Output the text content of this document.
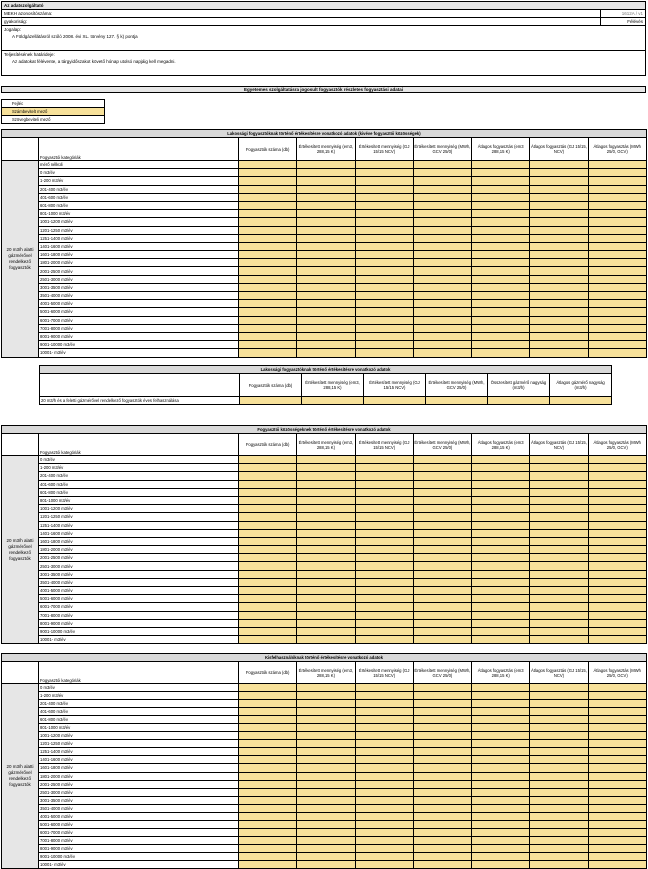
Az adatszolgáltató
MEKH azonosítószáma:	1612A / v1
gyakoriság:	Félévés
Jogalap:
A Földgázellátásról szóló 2008. évi XL. törvény 127. § k) pontja
Teljesítésének határideje:
Az adatokat félévente, a tárgyidőszakot követő hónap utolsó napjáig kell megadni.
Egyetemes szolgáltatásra jogosult fogyasztók részletes fogyasztási adatai
Fejléc
Számbevitelt mező
Szövegbeviteli mező
Lakossági fogyasztóknak történő értékesítésre vonatkozó adatok (kivéve fogyasztói közösségek)								
	Fogyasztói kategóriák	Fogyasztók száma (db)	Értékesített mennyiség (em3, 288,15 K)	Értékesített mennyiség (GJ 15/15 NCV)	Értékesített mennyiség (MWh, GCV 25/0)	Átlagos fogyasztás (em3 288,15 K)	Átlagos fogyasztás (GJ 15/15, NCV)	Átlagos fogyasztás (MWh 25/0, GCV)
20 m3/h alatti gázmérővel rendelkező fogyasztók	mérő nélküli							
	0 m3/év							
	1-200 m3/év							
	201-400 m3/év							
	401-600 m3/év							
	601-800 m3/év							
	801-1000 m3/év							
	1001-1200 m3/év							
	1201-1250 m3/év							
	1251-1400 m3/év							
	1401-1600 m3/év							
	1601-1800 m3/év							
	1801-2000 m3/év							
	2001-2500 m3/év							
	2501-3000 m3/év							
	3001-3500 m3/év							
	3501-4000 m3/év							
	4001-5000 m3/év							
	5001-6000 m3/év							
	6001-7000 m3/év							
	7001-8000 m3/év							
	8001-9000 m3/év							
	9001-10000 m3/év							
	10001- m3/év							
Lakossági fogyasztóknak történő értékesítésre vonatkozó adatok						
	Fogyasztók száma (db)	Értékesített mennyiség (em3, 288,15 K)	Értékesített mennyiség (GJ 15/15 NCV)	Értékesített mennyiség (MWh, GCV 25/0)	Összesített gázmérő nagyság (m3/h)	Átlagos gázmérő nagyság (m3/h)
20 m3/h és a feletti gázmérővel rendelkező fogyasztók éves felhasználása						
Fogyasztói közösségeknek történő értékesítésre vonatkozó adatok								
	Fogyasztói kategóriák	Fogyasztók száma (db)	Értékesített mennyiség (em3, 288,15 K)	Értékesített mennyiség (GJ 15/15 NCV)	Értékesített mennyiség (MWh, GCV 25/0)	Átlagos fogyasztás (em3 288,15 K)	Átlagos fogyasztás (GJ 15/15, NCV)	Átlagos fogyasztás (MWh 25/0, GCV)
20 m3/h alatti gázmérővel rendelkező fogyasztók	0 m3/év							
	1-200 m3/év							
	201-400 m3/év							
	401-600 m3/év							
	601-800 m3/év							
	801-1000 m3/év							
	1001-1200 m3/év							
	1201-1250 m3/év							
	1251-1400 m3/év							
	1401-1600 m3/év							
	1601-1800 m3/év							
	1801-2000 m3/év							
	2001-2500 m3/év							
	2501-3000 m3/év							
	3001-3500 m3/év							
	3501-4000 m3/év							
	4001-5000 m3/év							
	5001-6000 m3/év							
	6001-7000 m3/év							
	7001-8000 m3/év							
	8001-9000 m3/év							
	9001-10000 m3/év							
	10001- m3/év							
Kisfelhasználóknak történő értékesítésre vonatkozó adatok								
	Fogyasztói kategóriák	Fogyasztók száma (db)	Értékesített mennyiség (em3, 288,15 K)	Értékesített mennyiség (GJ 15/15 NCV)	Értékesített mennyiség (MWh, GCV 25/0)	Átlagos fogyasztás (em3 288,15 K)	Átlagos fogyasztás (GJ 15/15, NCV)	Átlagos fogyasztás (MWh 25/0, GCV)
20 m3/h alatti gázmérővel rendelkező fogyasztók	0 m3/év							
	1-200 m3/év							
	201-400 m3/év							
	401-600 m3/év							
	601-800 m3/év							
	801-1000 m3/év							
	1001-1200 m3/év							
	1201-1250 m3/év							
	1251-1400 m3/év							
	1401-1600 m3/év							
	1601-1800 m3/év							
	1801-2000 m3/év							
	2001-2500 m3/év							
	2501-3000 m3/év							
	3001-3500 m3/év							
	3501-4000 m3/év							
	4001-5000 m3/év							
	5001-6000 m3/év							
	6001-7000 m3/év							
	7001-8000 m3/év							
	8001-9000 m3/év							
	9001-10000 m3/év							
	10001- m3/év							
